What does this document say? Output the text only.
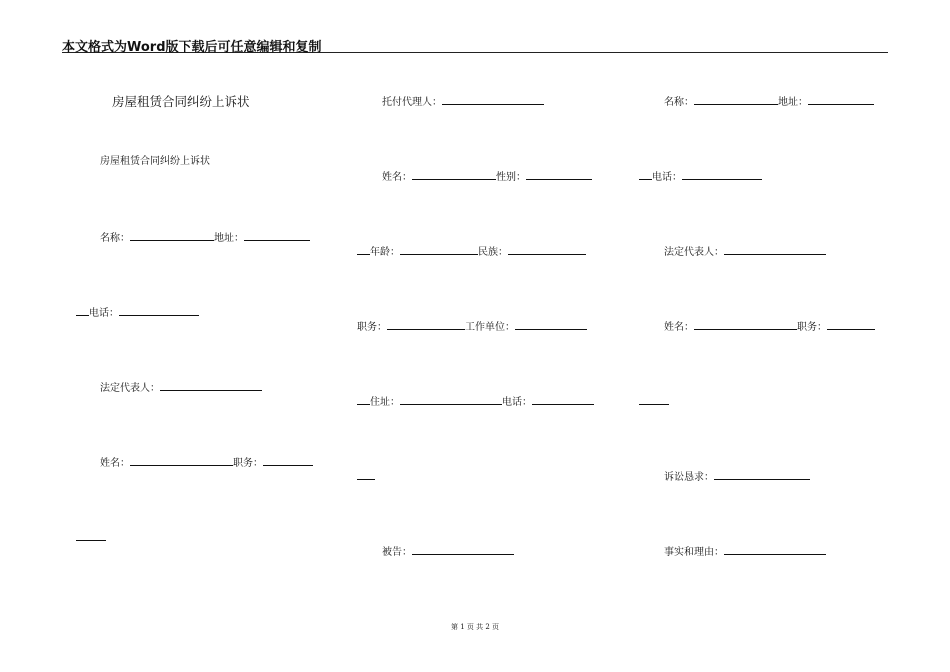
本文格式为Word版下载后可任意编辑和复制
房屋租赁合同纠纷上诉状
房屋租赁合同纠纷上诉状
名称：	地址：
电话：
法定代表人：
姓名：	职务：
托付代理人：
姓名：	性别：
年龄：	民族：
职务：	工作单位：
住址：	电话：
被告：
名称：	地址：
电话：
法定代表人：
姓名：	职务：
诉讼恳求：
事实和理由：
第 1 页 共 2 页
